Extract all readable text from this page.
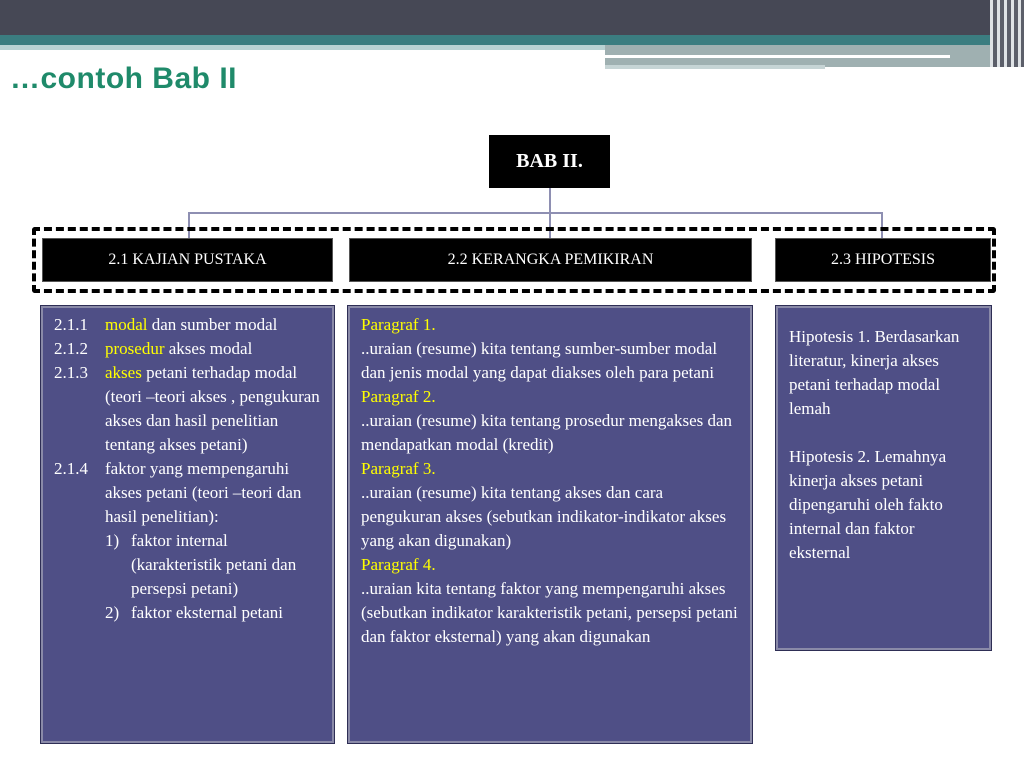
…contoh Bab II
BAB II.
2.1 KAJIAN PUSTAKA	2.2 KERANGKA PEMIKIRAN	2.3 HIPOTESIS
2.1.1	modal dan sumber modal
2.1.2	prosedur akses modal
2.1.3	akses petani terhadap modal (teori –teori akses , pengukuran akses dan hasil penelitian tentang akses petani)
2.1.4	faktor yang mempengaruhi akses petani (teori –teori dan hasil penelitian):
1) faktor internal (karakteristik petani dan persepsi petani)
2) faktor eksternal petani
Paragraf 1.
..uraian (resume) kita tentang sumber-sumber modal dan jenis modal yang dapat diakses oleh para petani
Paragraf 2.
..uraian (resume) kita tentang prosedur mengakses dan mendapatkan modal (kredit)
Paragraf 3.
..uraian (resume) kita tentang akses dan cara pengukuran akses (sebutkan indikator-indikator akses yang akan digunakan)
Paragraf 4.
..uraian kita tentang faktor yang mempengaruhi akses (sebutkan indikator karakteristik petani, persepsi petani dan faktor eksternal) yang akan digunakan
Hipotesis 1. Berdasarkan literatur, kinerja akses petani terhadap modal lemah
Hipotesis 2. Lemahnya kinerja akses petani dipengaruhi oleh fakto internal dan faktor eksternal
